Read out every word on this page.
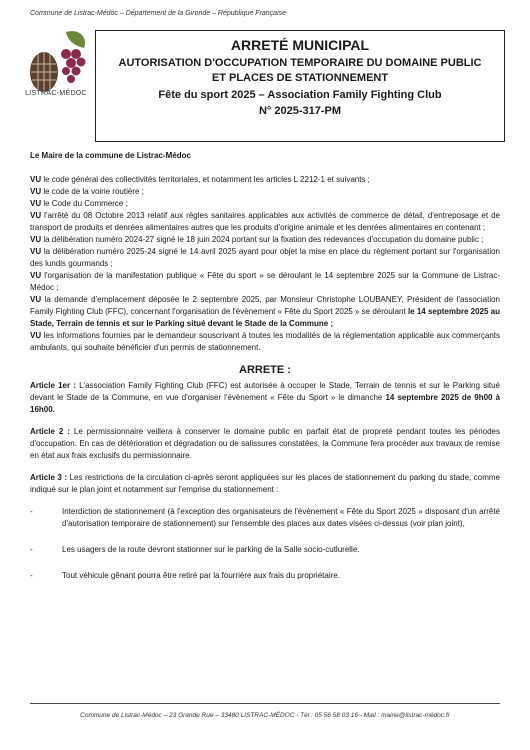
Commune de Listrac-Médoc – Département de la Gironde – République Française
LISTRAC-MÉDOC
ARRETÉ MUNICIPAL
AUTORISATION D'OCCUPATION TEMPORAIRE DU DOMAINE PUBLIC
ET PLACES DE STATIONNEMENT
Fête du sport 2025 – Association Family Fighting Club
N° 2025-317-PM
Le Maire de la commune de Listrac-Médoc

VU le code général des collectivités territoriales, et notamment les articles L 2212-1 et suivants ;

VU le code de la voirie routière ;

VU le Code du Commerce ;

VU l'arrêté du 08 Octobre 2013 relatif aux règles sanitaires applicables aux activités de commerce de détail, d'entreposage et de transport de produits et denrées alimentaires autres que les produits d'origine animale et les denrées alimentaires en contenant ;

VU la délibération numéro 2024-27 signé le 18 juin 2024 portant sur la fixation des redevances d'occupation du domaine public ;

VU la délibération numéro 2025-24 signé le 14 avril 2025 ayant pour objet la mise en place du règlement portant sur l'organisation des lundis gourmands ;

VU l'organisation de la manifestation publique « Fête du sport » se déroulant le 14 septembre 2025 sur la Commune de Listrac-Médoc ;

VU la demande d'emplacement déposée le 2 septembre 2025, par Monsieur Christophe LOUBANEY, Président de l'association Family Fighting Club (FFC), concernant l'organisation de l'évènement « Fête du Sport 2025 » se déroulant le 14 septembre 2025 au Stade, Terrain de tennis et sur le Parking situé devant le Stade de la Commune ;

VU les informations fournies par le demandeur souscrivant à toutes les modalités de la réglementation applicable aux commerçants ambulants, qui souhaite bénéficier d'un permis de stationnement.

ARRETE :

Article 1er : L'association Family Fighting Club (FFC) est autorisée à occuper le Stade, Terrain de tennis et sur le Parking situé devant le Stade de la Commune, en vue d'organiser l'évènement « Fête du Sport » le dimanche 14 septembre 2025 de 9h00 à 16h00.

Article 2 : Le permissionnaire veillera à conserver le domaine public en parfait état de propreté pendant toutes les périodes d'occupation. En cas de détérioration et dégradation ou de salissures constatées, la Commune fera procéder aux travaux de remise en état aux frais exclusifs du permissionnaire.

Article 3 : Les restrictions de la circulation ci-après seront appliquées sur les places de stationnement du parking du stade, comme indiqué sur le plan joint et notamment sur l'emprise du stationnement :

-	Interdiction de stationnement (à l'exception des organisateurs de l'évènement « Fête du Sport 2025 » disposant d'un arrêté d'autorisation temporaire de stationnement) sur l'ensemble des places aux dates visées ci-dessus (voir plan joint),
-	Les usagers de la route devront stationner sur le parking de la Salle socio-cutlurelle.
-	Tout véhicule gênant pourra être retiré par la fourrière aux frais du propriétaire.
Commune de Listrac-Médoc – 23 Grande Rue – 33480 LISTRAC-MÉDOC - Tél : 05 56 58 03 16 - Mail : mairie@listrac-médoc.fr
